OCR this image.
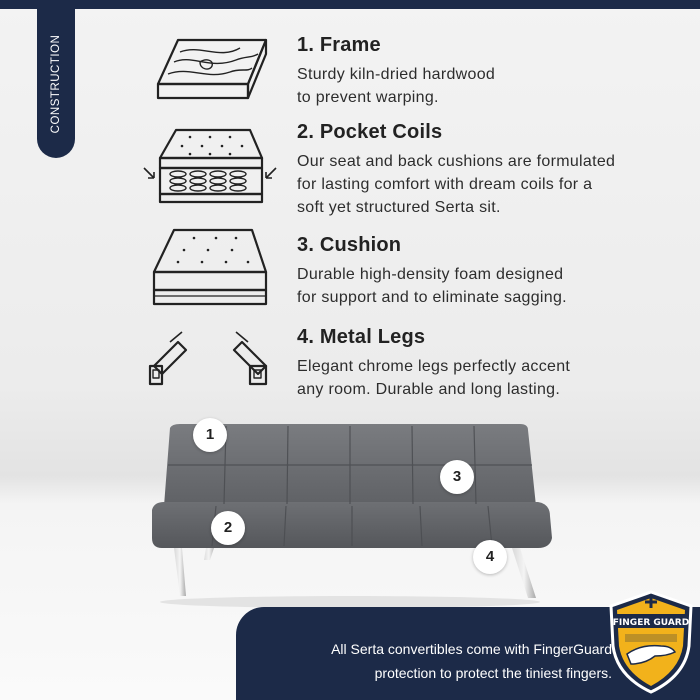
CONSTRUCTION	1. Frame

Sturdy kiln-dried hardwood
to prevent warping.

2. Pocket Coils

Our seat and back cushions are formulated
for lasting comfort with dream coils for a
soft yet structured Serta sit.

3. Cushion

Durable high-density foam designed
for support and to eliminate sagging.

4. Metal Legs

Elegant chrome legs perfectly accent
any room. Durable and long lasting.

1
2
3
4

All Serta convertibles come with FingerGuard
protection to protect the tiniest fingers.

FINGER GUARD
